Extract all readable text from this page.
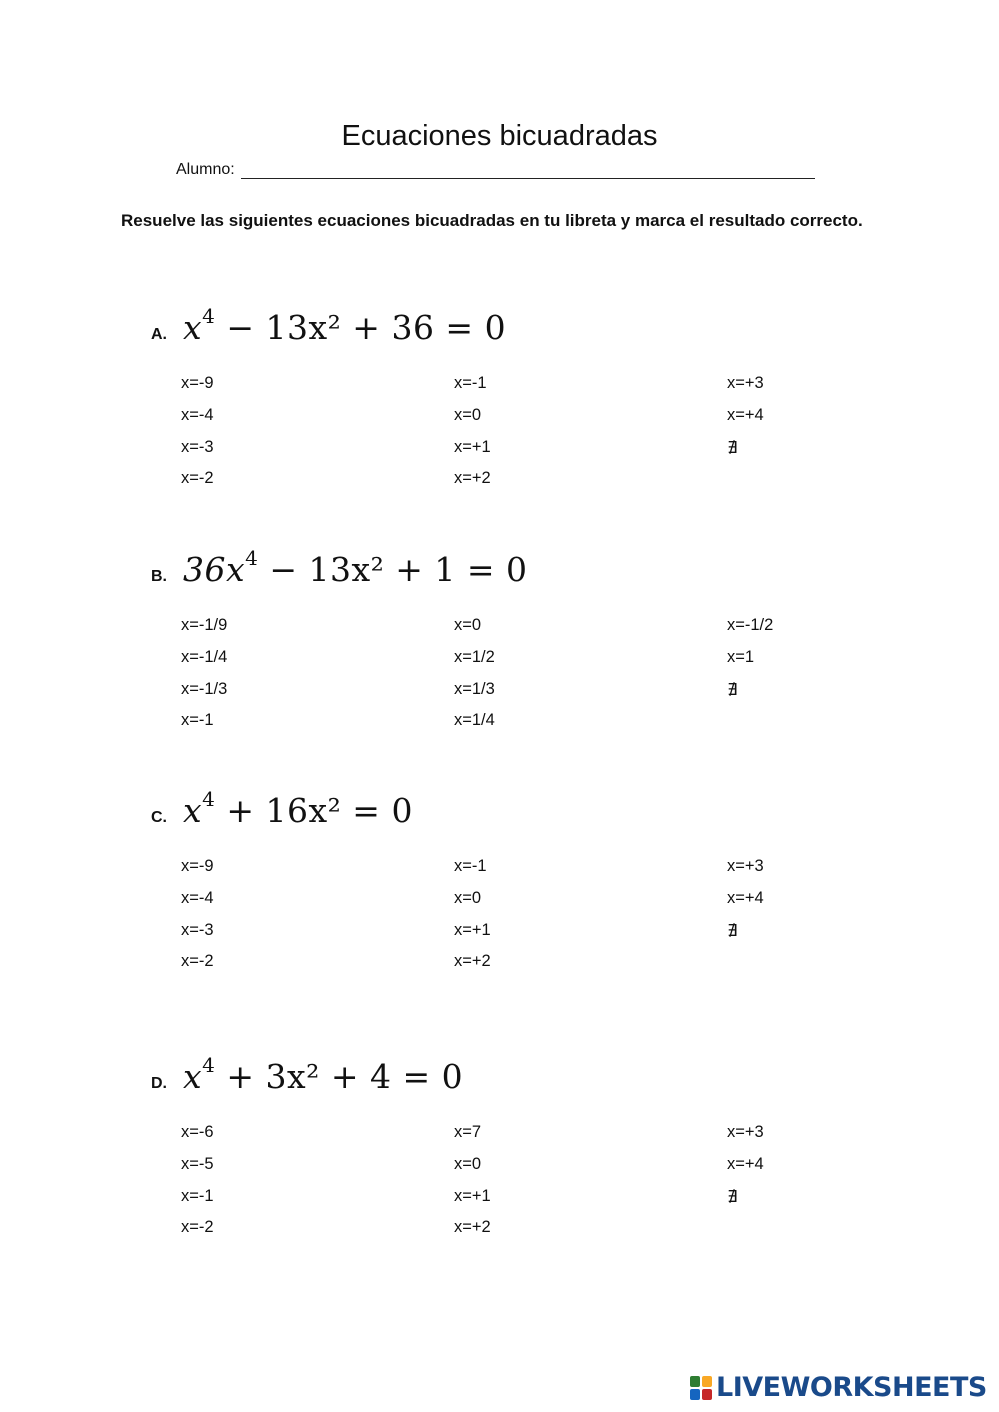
Ecuaciones bicuadradas
Alumno:
Resuelve las siguientes ecuaciones bicuadradas en tu libreta y marca el resultado correcto.
A. $x^4 - 13x^2 + 36 = 0$
x=-9
x=-4
x=-3
x=-2
x=-1
x=0
x=+1
x=+2
x=+3
x=+4
∄
B. $36x^4 - 13x^2 + 1 = 0$
x=-1/9
x=-1/4
x=-1/3
x=-1
x=0
x=1/2
x=1/3
x=1/4
x=-1/2
x=1
∄
C. $x^4 + 16x^2 = 0$
x=-9
x=-4
x=-3
x=-2
x=-1
x=0
x=+1
x=+2
x=+3
x=+4
∄
D. $x^4 + 3x^2 + 4 = 0$
x=-6
x=-5
x=-1
x=-2
x=7
x=0
x=+1
x=+2
x=+3
x=+4
∄
LIVEWORKSHEETS
